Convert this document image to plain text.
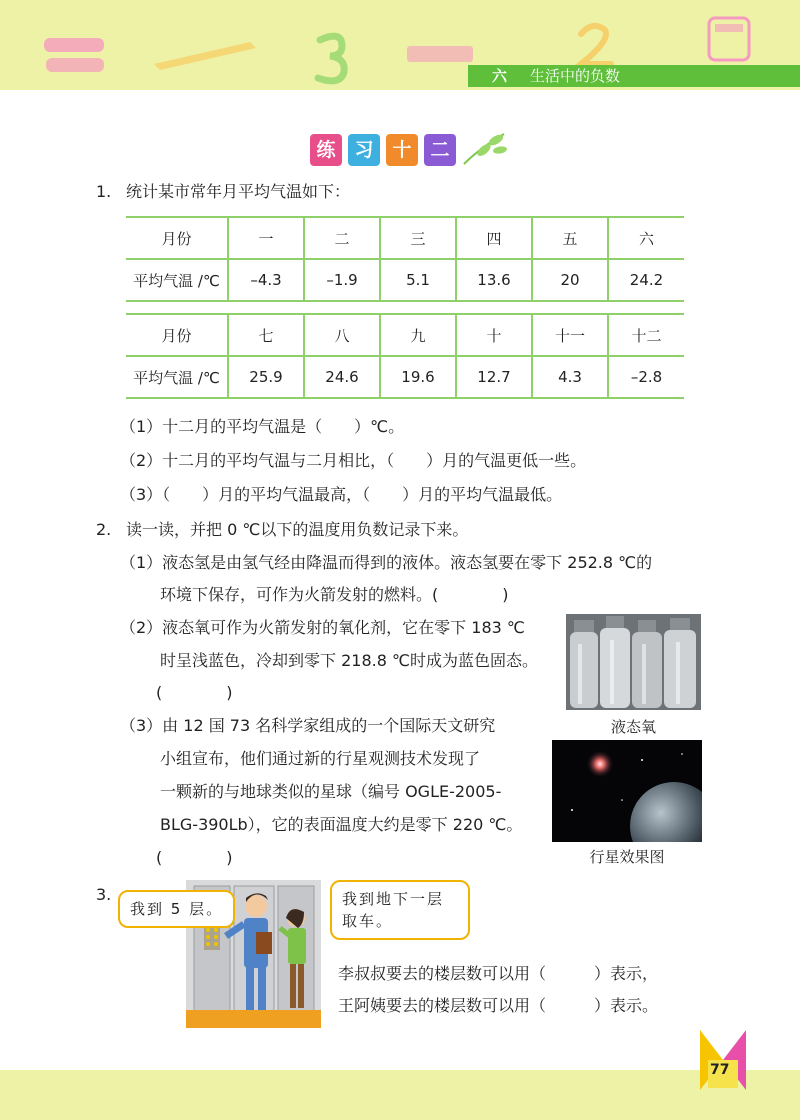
六 生活中的负数
练 习 十 二
1. 统计某市常年月平均气温如下：
月份	一	二	三	四	五	六
平均气温 /℃	–4.3	–1.9	5.1	13.6	20	24.2
月份	七	八	九	十	十一	十二
平均气温 /℃	25.9	24.6	19.6	12.7	4.3	–2.8
（1）十二月的平均气温是（　　）℃。
（2）十二月的平均气温与二月相比，（　　）月的气温更低一些。
（3）（　　）月的平均气温最高，（　　）月的平均气温最低。
2. 读一读，并把 0 ℃以下的温度用负数记录下来。
（1）液态氢是由氢气经由降温而得到的液体。液态氢要在零下 252.8 ℃的
环境下保存，可作为火箭发射的燃料。(　　　　)
（2）液态氧可作为火箭发射的氧化剂，它在零下 183 ℃
时呈浅蓝色，冷却到零下 218.8 ℃时成为蓝色固态。
(　　　　)
（3）由 12 国 73 名科学家组成的一个国际天文研究
小组宣布，他们通过新的行星观测技术发现了
一颗新的与地球类似的星球（编号 OGLE-2005-
BLG-390Lb），它的表面温度大约是零下 220 ℃。
(　　　　)
液态氧
行星效果图
3.
我到 5 层。
我到地下一层
取车。
李叔叔要去的楼层数可以用（　　　）表示，
王阿姨要去的楼层数可以用（　　　）表示。
77
